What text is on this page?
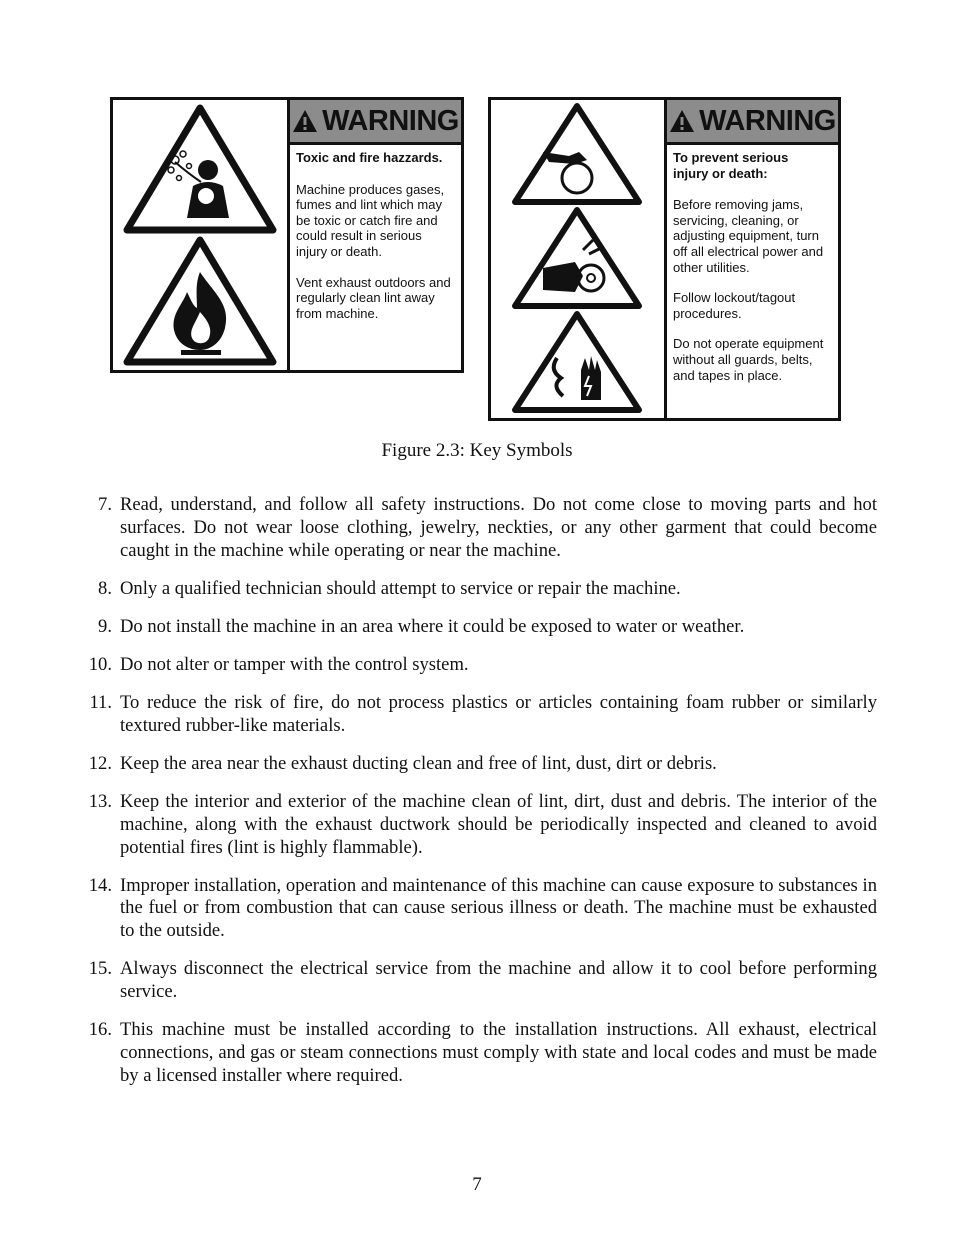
WARNING
Toxic and fire hazzards.

Machine produces gases,
fumes and lint which may
be toxic or catch fire and
could result in serious
injury or death.

Vent exhaust outdoors and
regularly clean lint away
from machine.

WARNING
To prevent serious
injury or death:

Before removing jams,
servicing, cleaning, or
adjusting equipment, turn
off all electrical power and
other utilities.

Follow lockout/tagout
procedures.

Do not operate equipment
without all guards, belts,
and tapes in place.

Figure 2.3: Key Symbols
7. Read, understand, and follow all safety instructions. Do not come close to moving parts and hot surfaces. Do not wear loose clothing, jewelry, neckties, or any other garment that could become caught in the machine while operating or near the machine.
8. Only a qualified technician should attempt to service or repair the machine.
9. Do not install the machine in an area where it could be exposed to water or weather.
10. Do not alter or tamper with the control system.
11. To reduce the risk of fire, do not process plastics or articles containing foam rubber or similarly textured rubber-like materials.
12. Keep the area near the exhaust ducting clean and free of lint, dust, dirt or debris.
13. Keep the interior and exterior of the machine clean of lint, dirt, dust and debris. The interior of the machine, along with the exhaust ductwork should be periodically inspected and cleaned to avoid potential fires (lint is highly flammable).
14. Improper installation, operation and maintenance of this machine can cause exposure to substances in the fuel or from combustion that can cause serious illness or death. The machine must be exhausted to the outside.
15. Always disconnect the electrical service from the machine and allow it to cool before performing service.
16. This machine must be installed according to the installation instructions. All exhaust, electrical connections, and gas or steam connections must comply with state and local codes and must be made by a licensed installer where required.
7
